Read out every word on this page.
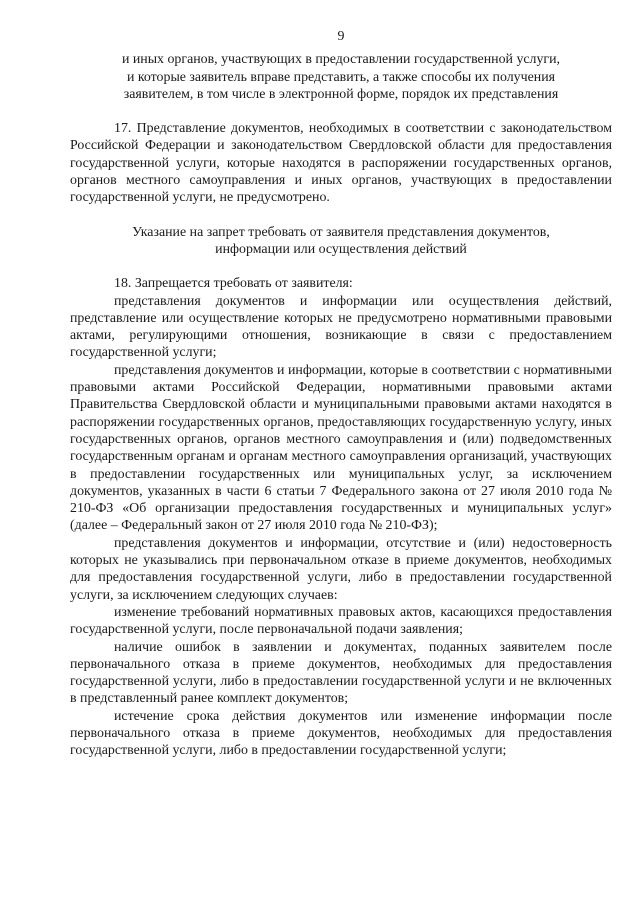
9
и иных органов, участвующих в предоставлении государственной услуги,
и которые заявитель вправе представить, а также способы их получения
заявителем, в том числе в электронной форме, порядок их представления

17. Представление документов, необходимых в соответствии с законодательством Российской Федерации и законодательством Свердловской области для предоставления государственной услуги, которые находятся в распоряжении государственных органов, органов местного самоуправления и иных органов, участвующих в предоставлении государственной услуги, не предусмотрено.

Указание на запрет требовать от заявителя представления документов,
информации или осуществления действий

18. Запрещается требовать от заявителя:

представления документов и информации или осуществления действий, представление или осуществление которых не предусмотрено нормативными правовыми актами, регулирующими отношения, возникающие в связи с предоставлением государственной услуги;

представления документов и информации, которые в соответствии с нормативными правовыми актами Российской Федерации, нормативными правовыми актами Правительства Свердловской области и муниципальными правовыми актами находятся в распоряжении государственных органов, предоставляющих государственную услугу, иных государственных органов, органов местного самоуправления и (или) подведомственных государственным органам и органам местного самоуправления организаций, участвующих в предоставлении государственных или муниципальных услуг, за исключением документов, указанных в части 6 статьи 7 Федерального закона от 27 июля 2010 года № 210-ФЗ «Об организации предоставления государственных и муниципальных услуг» (далее – Федеральный закон от 27 июля 2010 года № 210-ФЗ);

представления документов и информации, отсутствие и (или) недостоверность которых не указывались при первоначальном отказе в приеме документов, необходимых для предоставления государственной услуги, либо в предоставлении государственной услуги, за исключением следующих случаев:

изменение требований нормативных правовых актов, касающихся предоставления государственной услуги, после первоначальной подачи заявления;

наличие ошибок в заявлении и документах, поданных заявителем после первоначального отказа в приеме документов, необходимых для предоставления государственной услуги, либо в предоставлении государственной услуги и не включенных в представленный ранее комплект документов;

истечение срока действия документов или изменение информации после первоначального отказа в приеме документов, необходимых для предоставления государственной услуги, либо в предоставлении государственной услуги;
